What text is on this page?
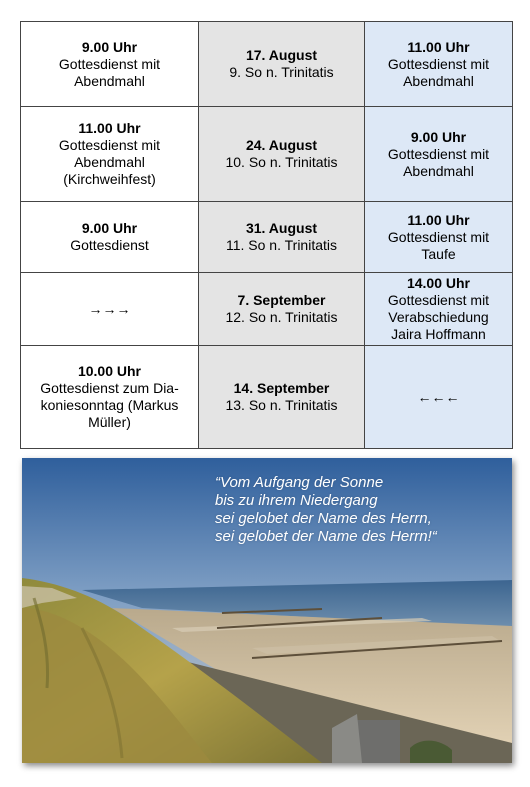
9.00 Uhr
Gottesdienst mit
Abendmahl	17. August
9. So n. Trinitatis	11.00 Uhr
Gottesdienst mit
Abendmahl

11.00 Uhr
Gottesdienst mit
Abendmahl
(Kirchweihfest)	24. August
10. So n. Trinitatis	9.00 Uhr
Gottesdienst mit
Abendmahl

9.00 Uhr
Gottesdienst	31. August
11. So n. Trinitatis	11.00 Uhr
Gottesdienst mit
Taufe

→→→	7. September
12. So n. Trinitatis	14.00 Uhr
Gottesdienst mit
Verabschiedung
Jaira Hoffmann

10.00 Uhr
Gottesdienst zum Dia-
koniesonntag (Markus
Müller)	14. September
13. So n. Trinitatis	←←←
“Vom Aufgang der Sonne
bis zu ihrem Niedergang
sei gelobet der Name des Herrn,
sei gelobet der Name des Herrn!“
